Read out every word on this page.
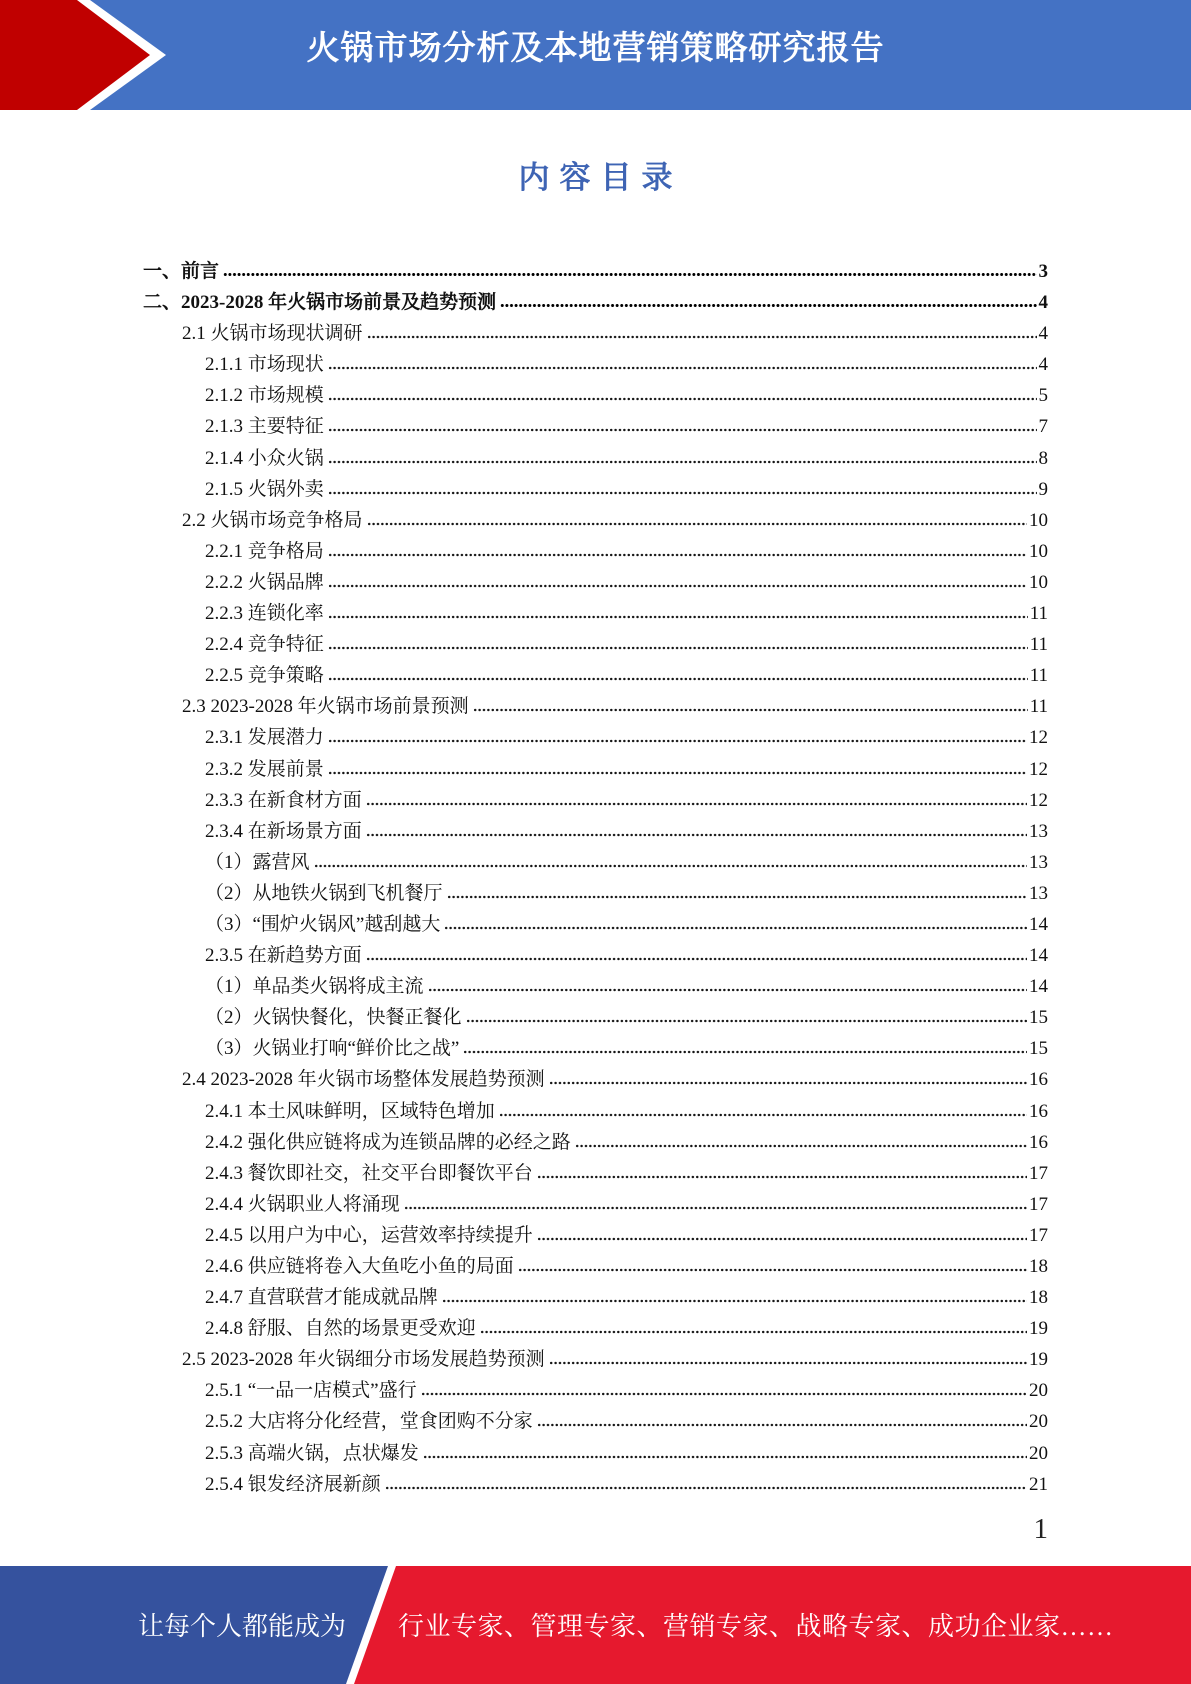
火锅市场分析及本地营销策略研究报告
内容目录
一、前言	3
二、2023-2028 年火锅市场前景及趋势预测	4
2.1 火锅市场现状调研	4
2.1.1 市场现状	4
2.1.2 市场规模	5
2.1.3 主要特征	7
2.1.4 小众火锅	8
2.1.5 火锅外卖	9
2.2 火锅市场竞争格局	10
2.2.1 竞争格局	10
2.2.2 火锅品牌	10
2.2.3 连锁化率	11
2.2.4 竞争特征	11
2.2.5 竞争策略	11
2.3 2023-2028 年火锅市场前景预测	11
2.3.1 发展潜力	12
2.3.2 发展前景	12
2.3.3 在新食材方面	12
2.3.4 在新场景方面	13
（1）露营风	13
（2）从地铁火锅到飞机餐厅	13
（3）“围炉火锅风”越刮越大	14
2.3.5 在新趋势方面	14
（1）单品类火锅将成主流	14
（2）火锅快餐化，快餐正餐化	15
（3）火锅业打响“鲜价比之战”	15
2.4 2023-2028 年火锅市场整体发展趋势预测	16
2.4.1 本土风味鲜明，区域特色增加	16
2.4.2 强化供应链将成为连锁品牌的必经之路	16
2.4.3 餐饮即社交，社交平台即餐饮平台	17
2.4.4 火锅职业人将涌现	17
2.4.5 以用户为中心，运营效率持续提升	17
2.4.6 供应链将卷入大鱼吃小鱼的局面	18
2.4.7 直营联营才能成就品牌	18
2.4.8 舒服、自然的场景更受欢迎	19
2.5 2023-2028 年火锅细分市场发展趋势预测	19
2.5.1 “一品一店模式”盛行	20
2.5.2 大店将分化经营，堂食团购不分家	20
2.5.3 高端火锅，点状爆发	20
2.5.4 银发经济展新颜	21
1
让每个人都能成为 行业专家、管理专家、营销专家、战略专家、成功企业家……
